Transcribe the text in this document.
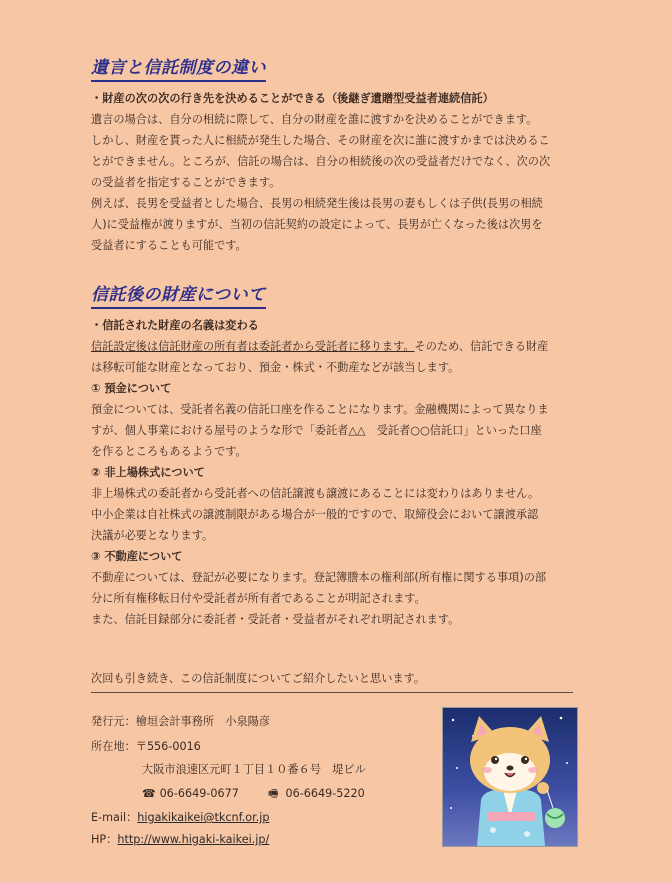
遺言と信託制度の違い

・財産の次の次の行き先を決めることができる（後継ぎ遺贈型受益者連続信託）

遺言の場合は、自分の相続に際して、自分の財産を誰に渡すかを決めることができます。

しかし、財産を貰った人に相続が発生した場合、その財産を次に誰に渡すかまでは決めるこ

とができません。ところが、信託の場合は、自分の相続後の次の受益者だけでなく、次の次

の受益者を指定することができます。

例えば、長男を受益者とした場合、長男の相続発生後は長男の妻もしくは子供(長男の相続

人)に受益権が渡りますが、当初の信託契約の設定によって、長男が亡くなった後は次男を

受益者にすることも可能です。

信託後の財産について

・信託された財産の名義は変わる

信託設定後は信託財産の所有者は委託者から受託者に移ります。そのため、信託できる財産

は移転可能な財産となっており、預金・株式・不動産などが該当します。

① 預金について

預金については、受託者名義の信託口座を作ることになります。金融機関によって異なりま

すが、個人事業における屋号のような形で「委託者△△　受託者○○信託口」といった口座

を作るところもあるようです。

② 非上場株式について

非上場株式の委託者から受託者への信託譲渡も譲渡にあることには変わりはありません。

中小企業は自社株式の譲渡制限がある場合が一般的ですので、取締役会において譲渡承認

決議が必要となります。

③ 不動産について

不動産については、登記が必要になります。登記簿謄本の権利部(所有権に関する事項)の部

分に所有権移転日付や受託者が所有者であることが明記されます。

また、信託目録部分に委託者・受託者・受益者がそれぞれ明記されます。

次回も引き続き、この信託制度についてご紹介したいと思います。

発行元：檜垣会計事務所　小泉陽彦

所在地：〒556-0016

大阪市浪速区元町１丁目１０番６号　堤ビル
☎ 06-6649-0677	🖷 06-6649-5220

E-mail：higakikaikei@tkcnf.or.jp

HP：http://www.higaki-kaikei.jp/
